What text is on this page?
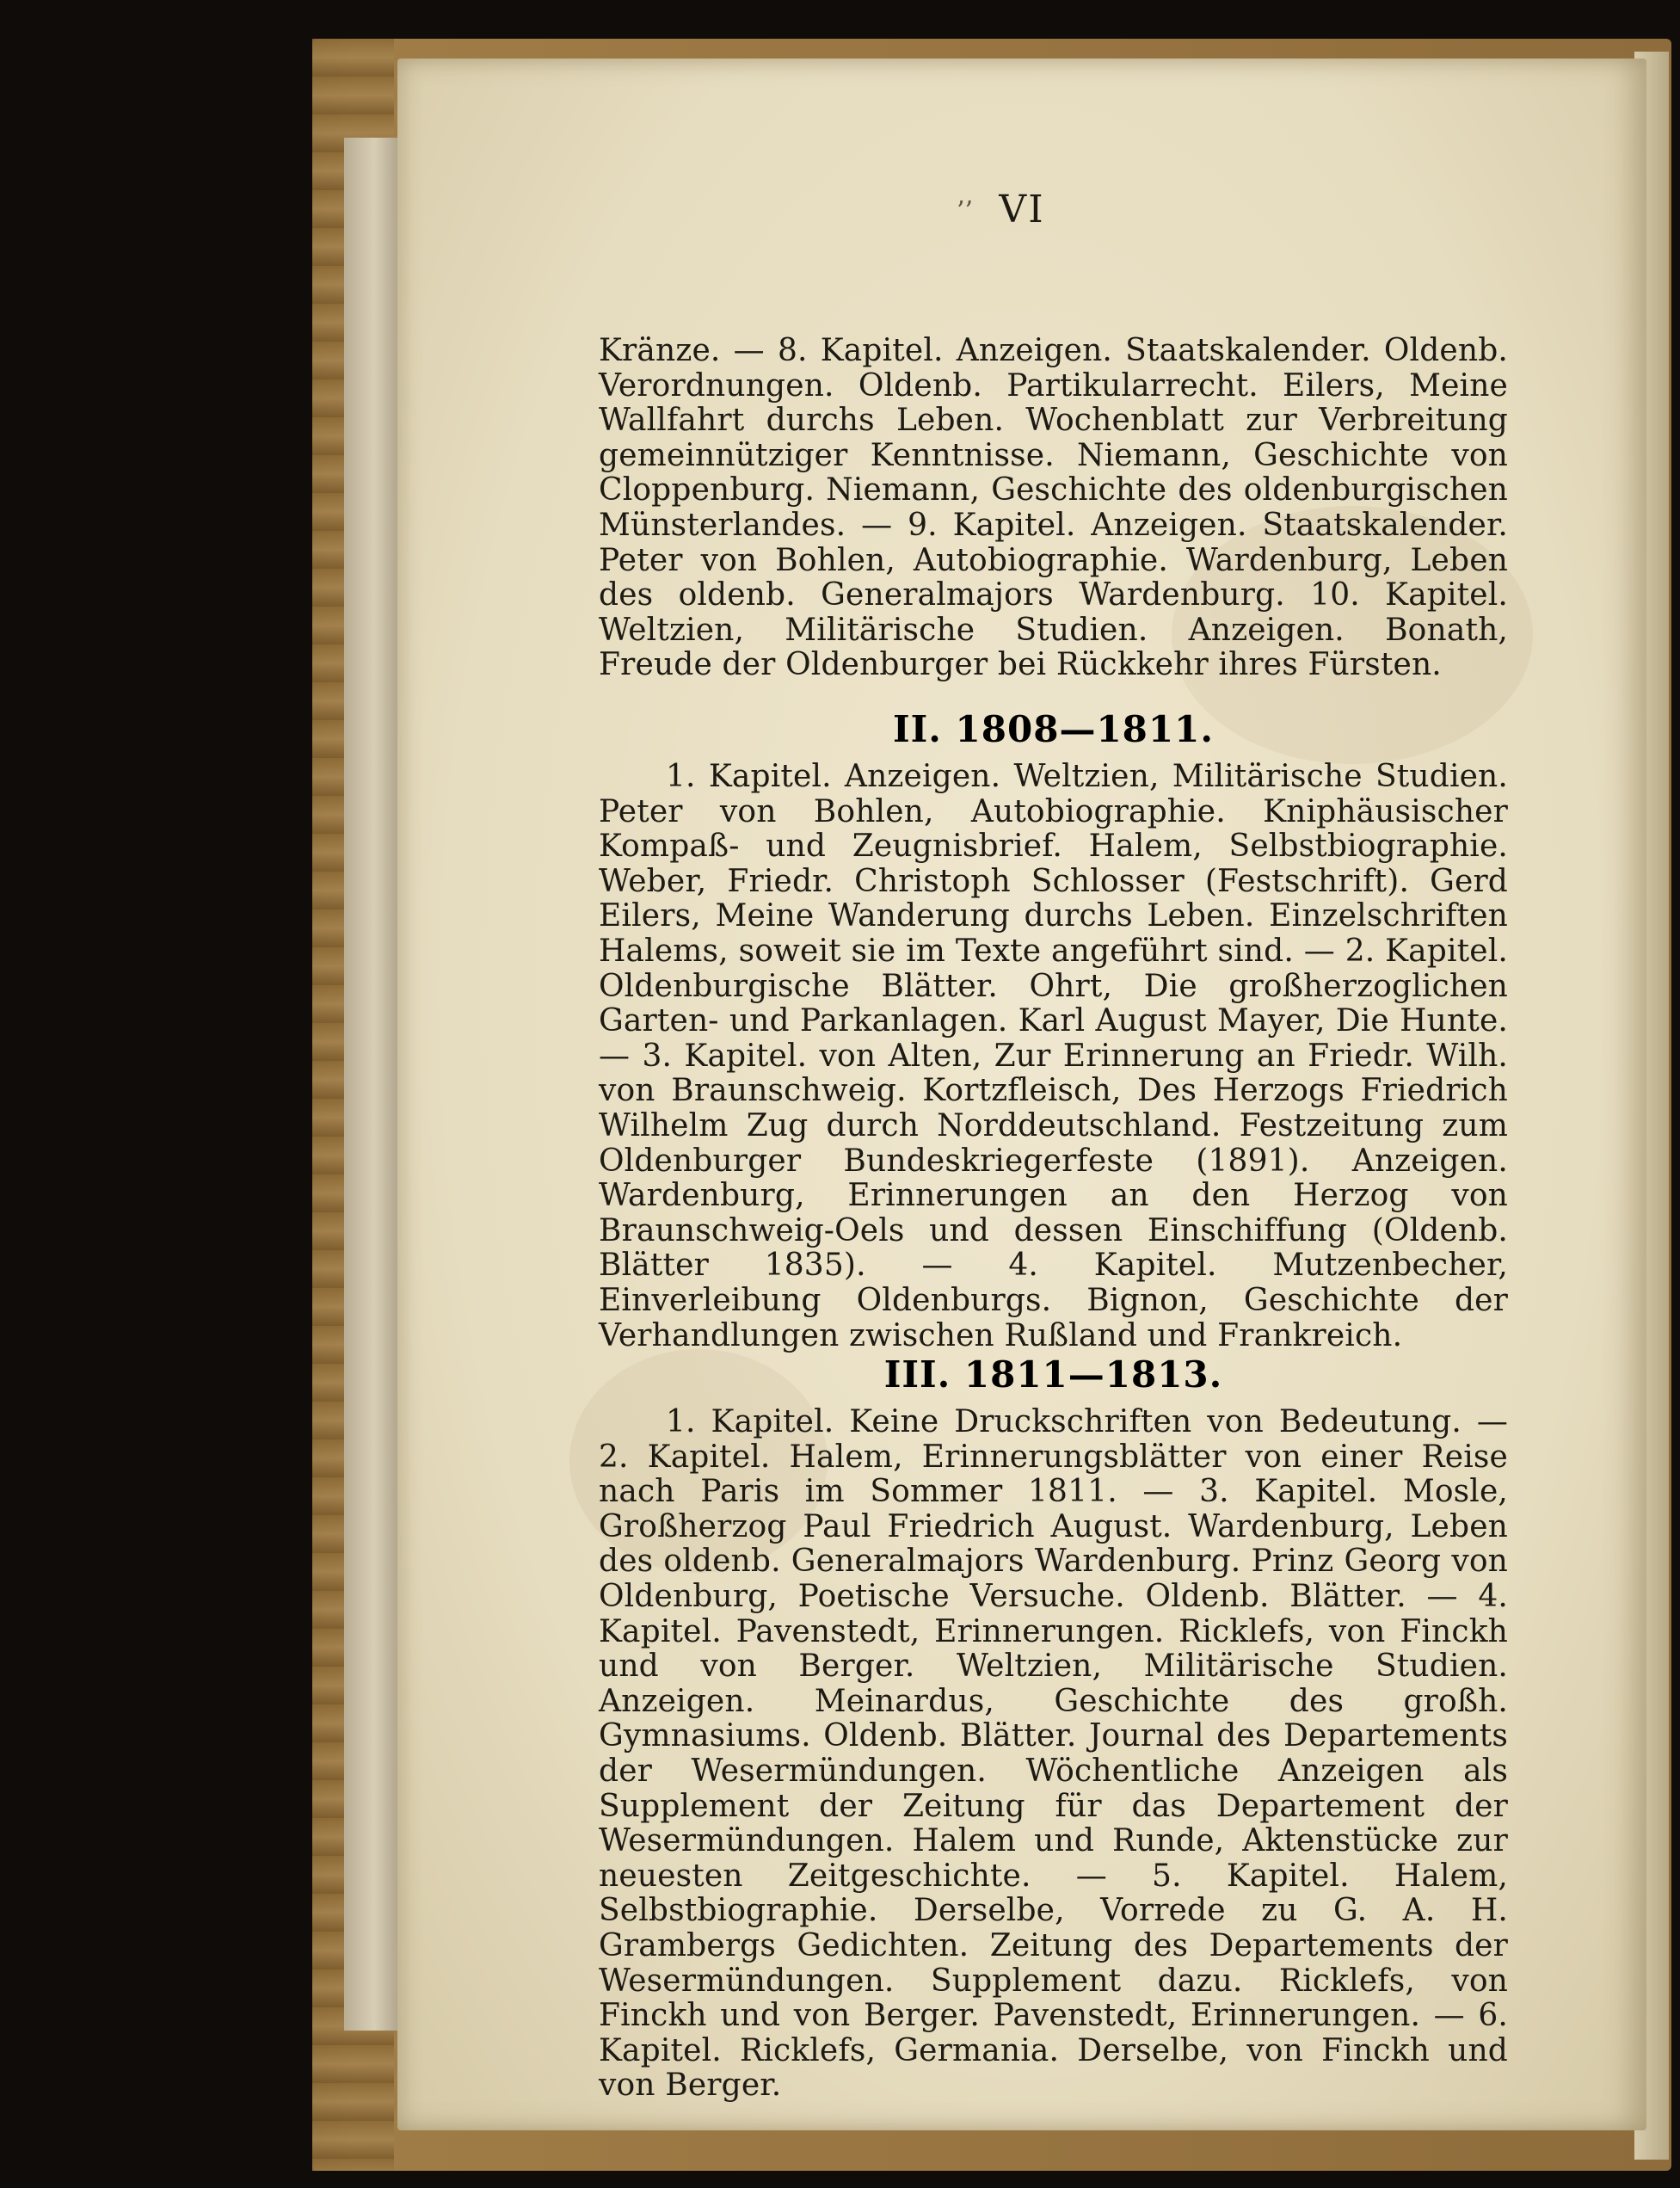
’’ VI

Kränze. — 8. Kapitel. Anzeigen. Staatskalender. Oldenb. Verordnungen. Oldenb. Partikularrecht. Eilers, Meine Wallfahrt durchs Leben. Wochenblatt zur Verbreitung gemeinnütziger Kenntnisse. Niemann, Geschichte von Cloppenburg. Niemann, Geschichte des oldenburgischen Münsterlandes. — 9. Kapitel. Anzeigen. Staatskalender. Peter von Bohlen, Autobiographie. Wardenburg, Leben des oldenb. Generalmajors Wardenburg. 10. Kapitel. Weltzien, Militärische Studien. Anzeigen. Bonath, Freude der Oldenburger bei Rückkehr ihres Fürsten.

II. 1808—1811.

1. Kapitel. Anzeigen. Weltzien, Militärische Studien. Peter von Bohlen, Autobiographie. Kniphäusischer Kompaß- und Zeugnisbrief. Halem, Selbstbiographie. Weber, Friedr. Christoph Schlosser (Festschrift). Gerd Eilers, Meine Wanderung durchs Leben. Einzelschriften Halems, soweit sie im Texte angeführt sind. — 2. Kapitel. Oldenburgische Blätter. Ohrt, Die großherzoglichen Garten- und Parkanlagen. Karl August Mayer, Die Hunte. — 3. Kapitel. von Alten, Zur Erinnerung an Friedr. Wilh. von Braunschweig. Kortzfleisch, Des Herzogs Friedrich Wilhelm Zug durch Norddeutschland. Festzeitung zum Oldenburger Bundeskriegerfeste (1891). Anzeigen. Wardenburg, Erinnerungen an den Herzog von Braunschweig-Oels und dessen Einschiffung (Oldenb. Blätter 1835). — 4. Kapitel. Mutzenbecher, Einverleibung Oldenburgs. Bignon, Geschichte der Verhandlungen zwischen Rußland und Frankreich.

III. 1811—1813.

1. Kapitel. Keine Druckschriften von Bedeutung. — 2. Kapitel. Halem, Erinnerungsblätter von einer Reise nach Paris im Sommer 1811. — 3. Kapitel. Mosle, Großherzog Paul Friedrich August. Wardenburg, Leben des oldenb. Generalmajors Wardenburg. Prinz Georg von Oldenburg, Poetische Versuche. Oldenb. Blätter. — 4. Kapitel. Pavenstedt, Erinnerungen. Ricklefs, von Finckh und von Berger. Weltzien, Militärische Studien. Anzeigen. Meinardus, Geschichte des großh. Gymnasiums. Oldenb. Blätter. Journal des Departements der Wesermündungen. Wöchentliche Anzeigen als Supplement der Zeitung für das Departement der Wesermündungen. Halem und Runde, Aktenstücke zur neuesten Zeitgeschichte. — 5. Kapitel. Halem, Selbstbiographie. Derselbe, Vorrede zu G. A. H. Grambergs Gedichten. Zeitung des Departements der Wesermündungen. Supplement dazu. Ricklefs, von Finckh und von Berger. Pavenstedt, Erinnerungen. — 6. Kapitel. Ricklefs, Germania. Derselbe, von Finckh und von Berger.
